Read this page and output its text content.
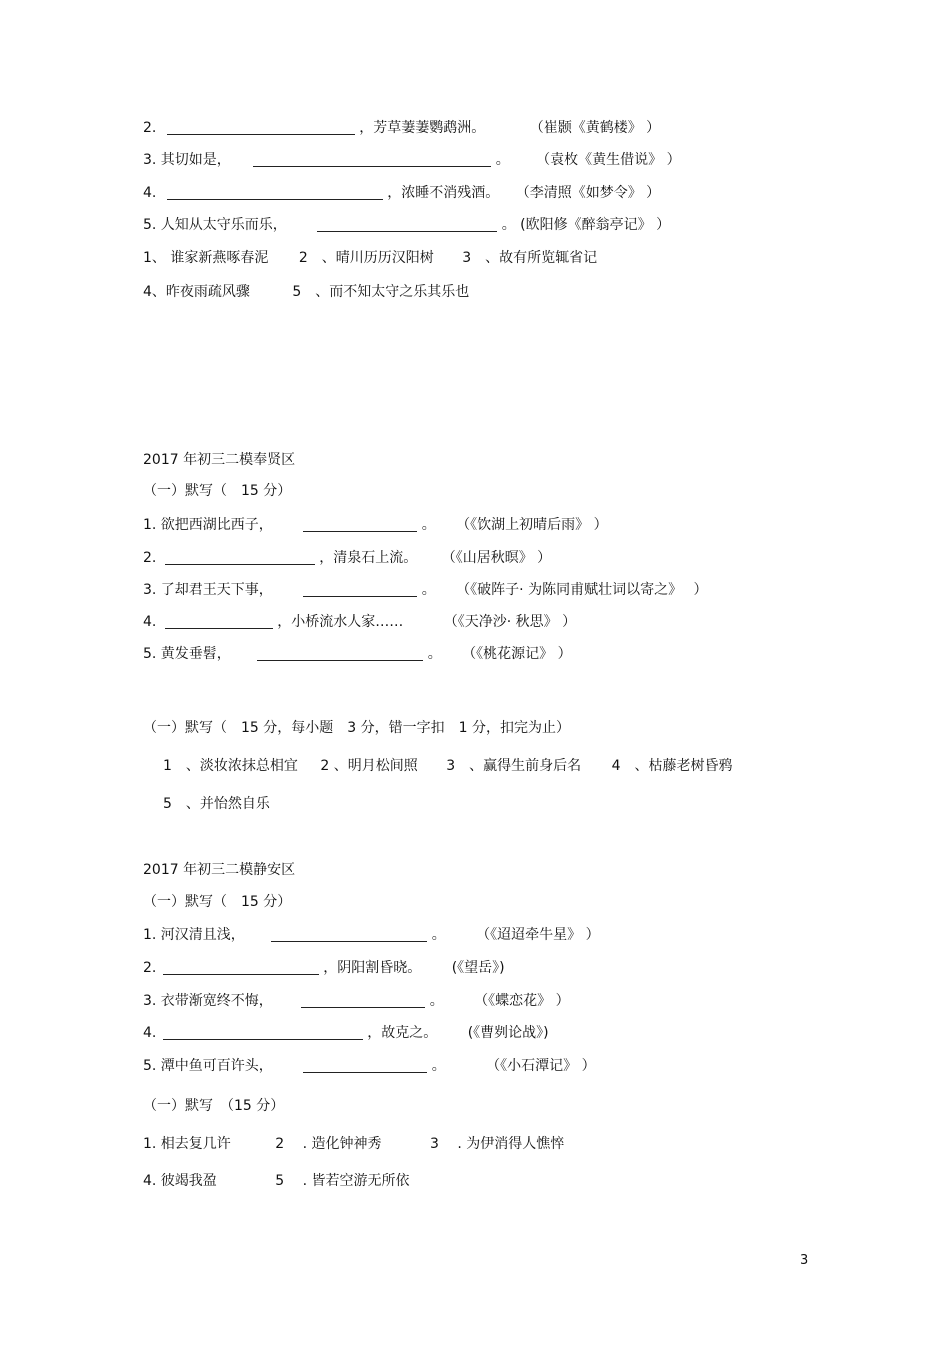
2.	，芳草萋萋鹦鹉洲。	（崔颢《黄鹤楼》 ）
3. 其切如是，	。 （袁枚《黄生借说》 ）
4.	，浓睡不消残酒。 （李清照《如梦令》 ）
5. 人知从太守乐而乐，	。 (欧阳修《醉翁亭记》 ）
1、 谁家新燕啄春泥 2　、晴川历历汉阳树 3　、故有所览辄省记
4、昨夜雨疏风骤	5　、而不知太守之乐其乐也
2017 年初三二模奉贤区
（一）默写（　15 分）
1. 欲把西湖比西子，	。 （《饮湖上初晴后雨》 ）
2.	，清泉石上流。 （《山居秋暝》 ）
3. 了却君王天下事，	。 （《破阵子· 为陈同甫赋壮词以寄之》　 ）
4.	，小桥流水人家……	（《天净沙· 秋思》 ）
5. 黄发垂髫，	。 （《桃花源记》 ）
（一）默写（　15 分，每小题　3 分，错一字扣　1 分，扣完为止）
1　、淡妆浓抹总相宜 2 、明月松间照 3　、赢得生前身后名 4　、枯藤老树昏鸦
5　、并怡然自乐
2017 年初三二模静安区
（一）默写（　15 分）
1. 河汉清且浅，	。 （《迢迢牵牛星》 ）
2.	，阴阳割昏晓。 (《望岳》)
3. 衣带渐宽终不悔，	。 （《蝶恋花》 ）
4.	，故克之。 (《曹刿论战》)
5. 潭中鱼可百许头，	。	（《小石潭记》 ）
（一）默写　（15 分）
1. 相去复几许	2　 . 造化钟神秀	3　 . 为伊消得人憔悴
4. 彼竭我盈	5　 . 皆若空游无所依
3
